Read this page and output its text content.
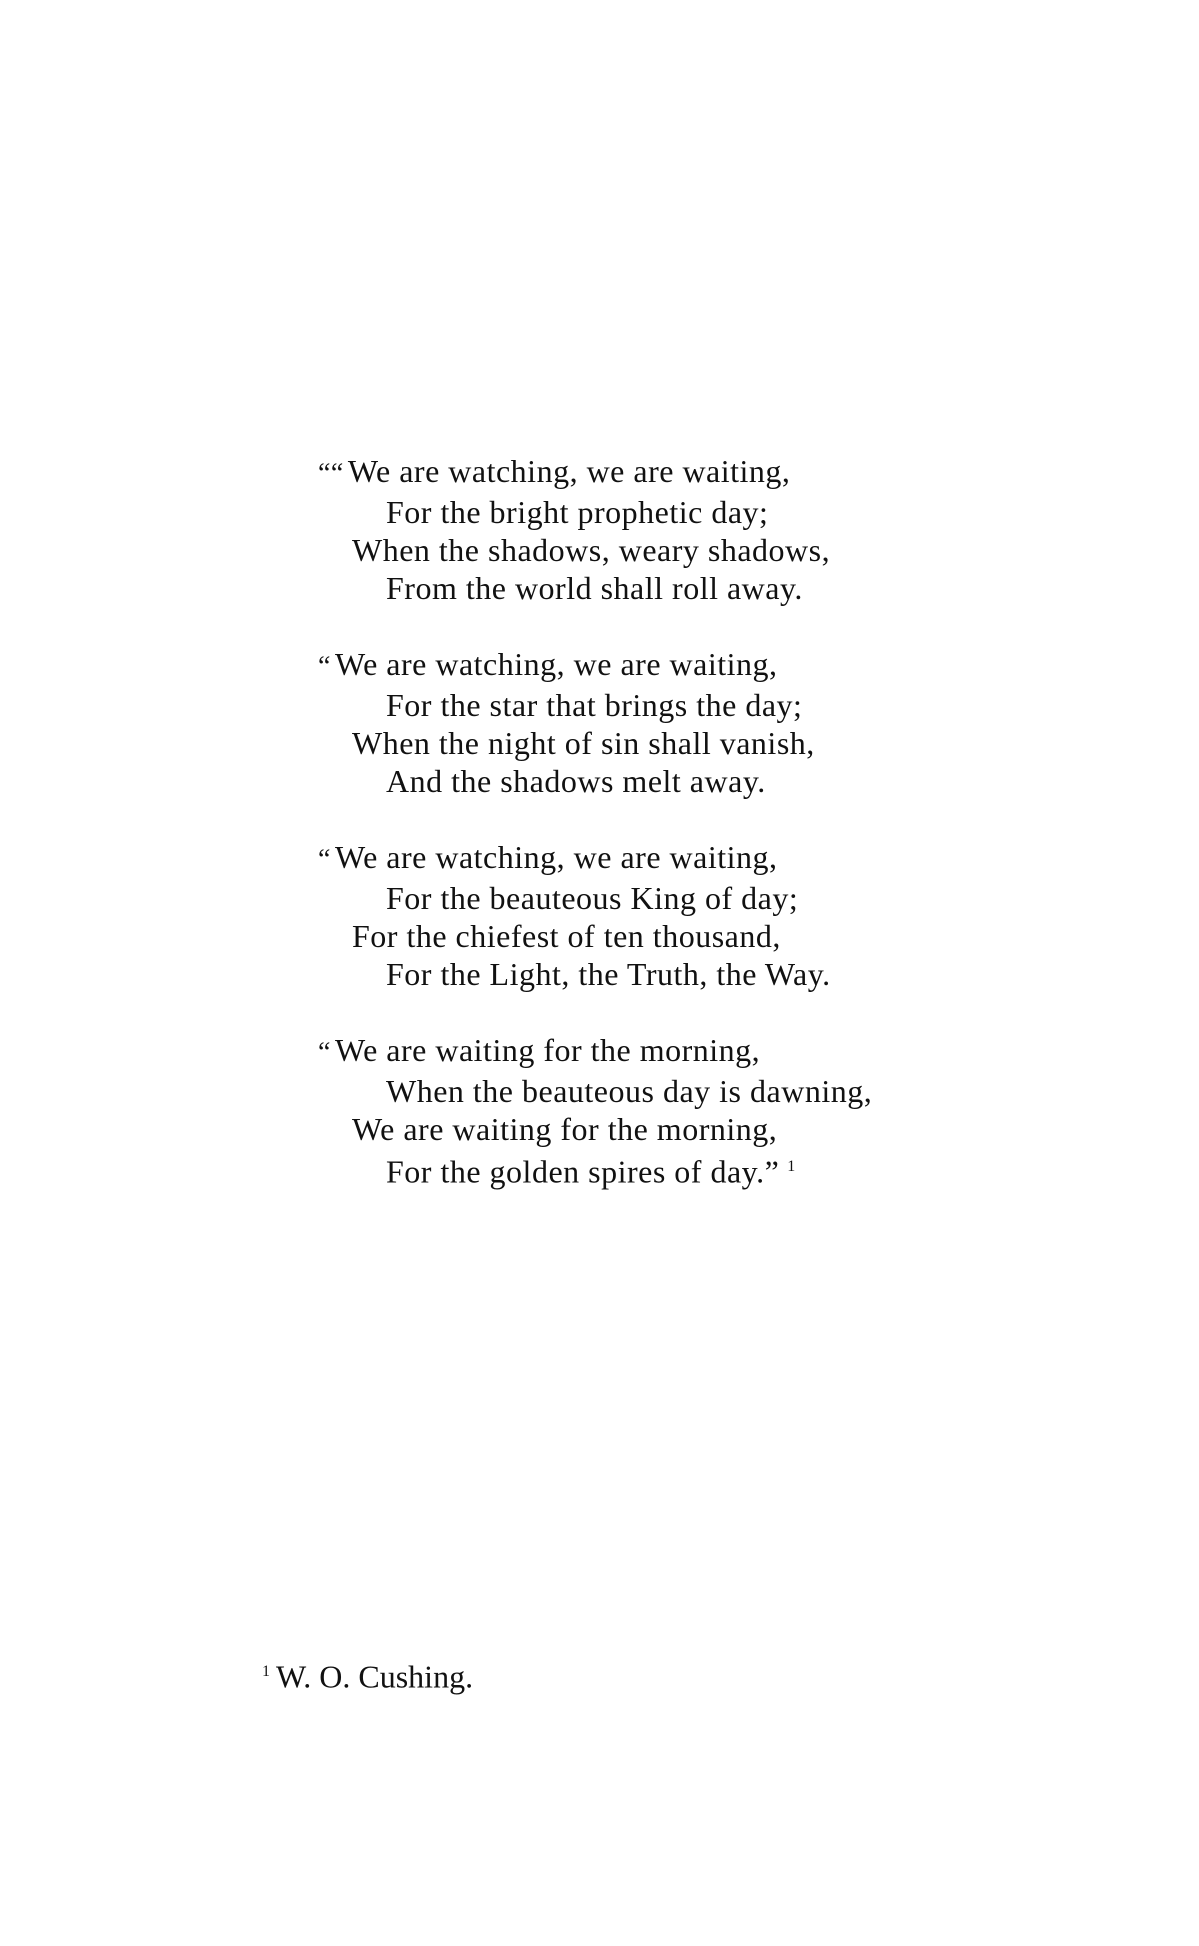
““ We are watching, we are waiting,
For the bright prophetic day;
When the shadows, weary shadows,
From the world shall roll away.
“ We are watching, we are waiting,
For the star that brings the day;
When the night of sin shall vanish,
And the shadows melt away.
“ We are watching, we are waiting,
For the beauteous King of day;
For the chiefest of ten thousand,
For the Light, the Truth, the Way.
“ We are waiting for the morning,
When the beauteous day is dawning,
We are waiting for the morning,
For the golden spires of day.” $^1$
$^1$ W. O. Cushing.
